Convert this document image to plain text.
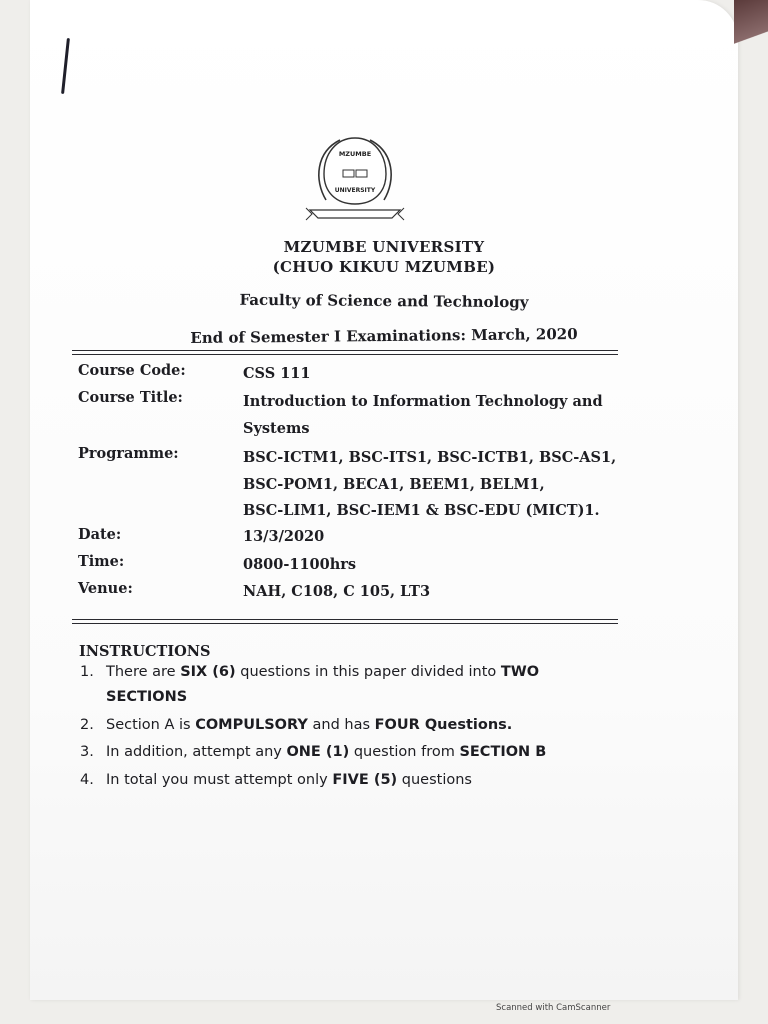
MZUMBE
UNIVERSITY
MZUMBE UNIVERSITY
(CHUO KIKUU MZUMBE)
Faculty of Science and Technology
End of Semester I Examinations: March, 2020
Course Code:	CSS 111
Course Title:	Introduction to Information Technology and
Systems
Programme:	BSC-ICTM1, BSC-ITS1, BSC-ICTB1, BSC-AS1,
BSC-POM1, BECA1, BEEM1, BELM1,
BSC-LIM1, BSC-IEM1 & BSC-EDU (MICT)1.
Date:	13/3/2020
Time:	0800-1100hrs
Venue:	NAH, C108, C 105, LT3
INSTRUCTIONS
1. There are SIX (6) questions in this paper divided into TWO
SECTIONS
2. Section A is COMPULSORY and has FOUR Questions.
3. In addition, attempt any ONE (1) question from SECTION B
4. In total you must attempt only FIVE (5) questions
Scanned with CamScanner
